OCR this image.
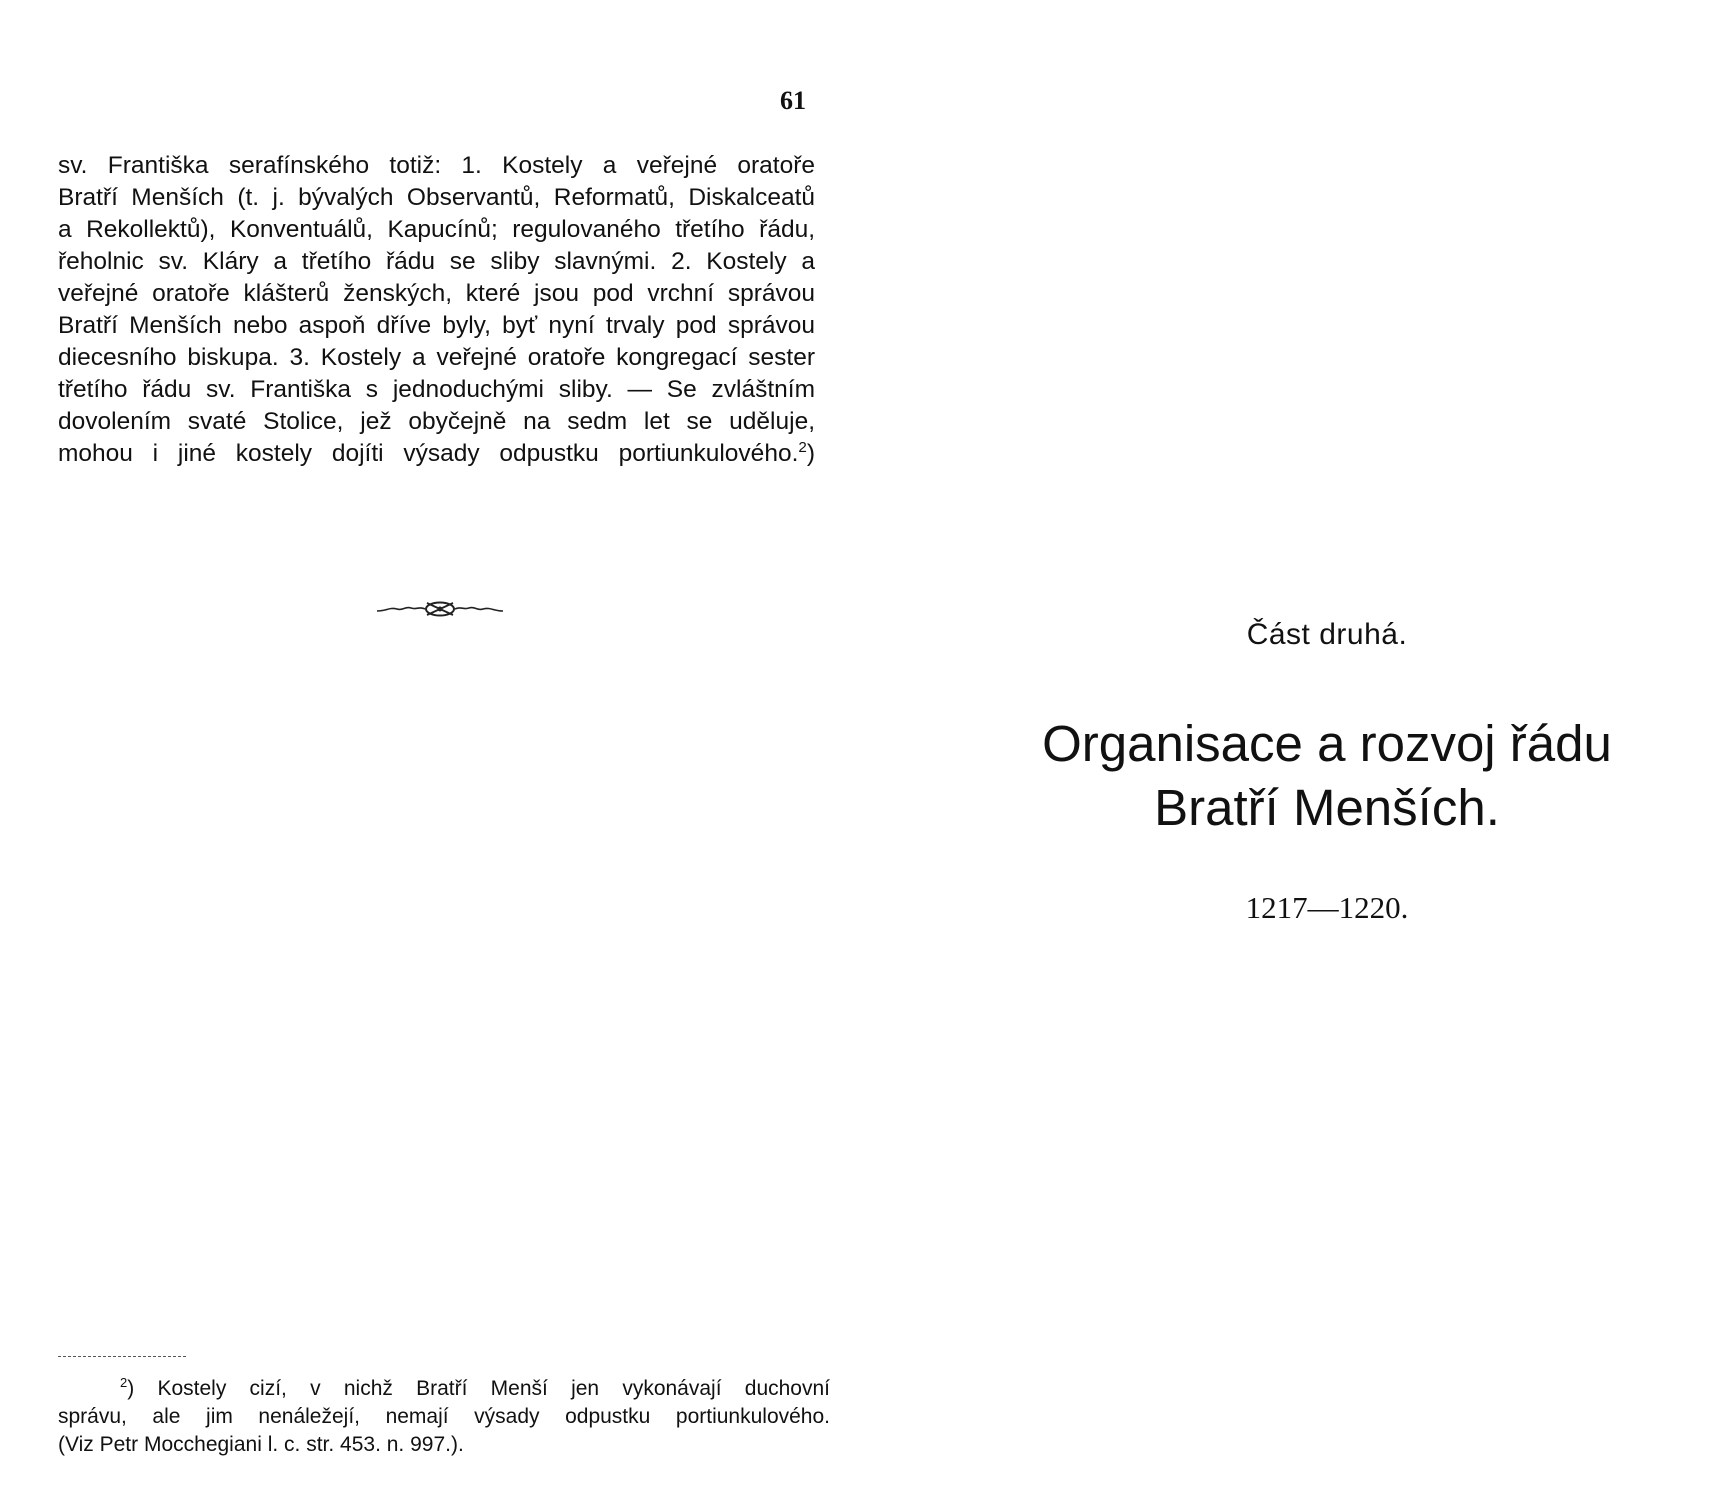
61
sv. Františka serafínského totiž: 1. Kostely a veřejné oratoře
Bratří Menších (t. j. bývalých Observantů, Reformatů, Diskalceatů
a Rekollektů), Konventuálů, Kapucínů; regulovaného třetího řádu,
řeholnic sv. Kláry a třetího řádu se sliby slavnými. 2. Kostely a
veřejné oratoře klášterů ženských, které jsou pod vrchní správou
Bratří Menších nebo aspoň dříve byly, byť nyní trvaly pod správou
diecesního biskupa. 3. Kostely a veřejné oratoře kongregací sester
třetího řádu sv. Františka s jednoduchými sliby. — Se zvláštním
dovolením svaté Stolice, jež obyčejně na sedm let se uděluje,
mohou i jiné kostely dojíti výsady odpustku portiunkulového.$^2$)
$^2$) Kostely cizí, v nichž Bratří Menší jen vykonávají duchovní
správu, ale jim nenáležejí, nemají výsady odpustku portiunkulového.
(Viz Petr Mocchegiani l. c. str. 453. n. 997.).
Část druhá.
Organisace a rozvoj řádu
Bratří Menších.
1217—1220.
